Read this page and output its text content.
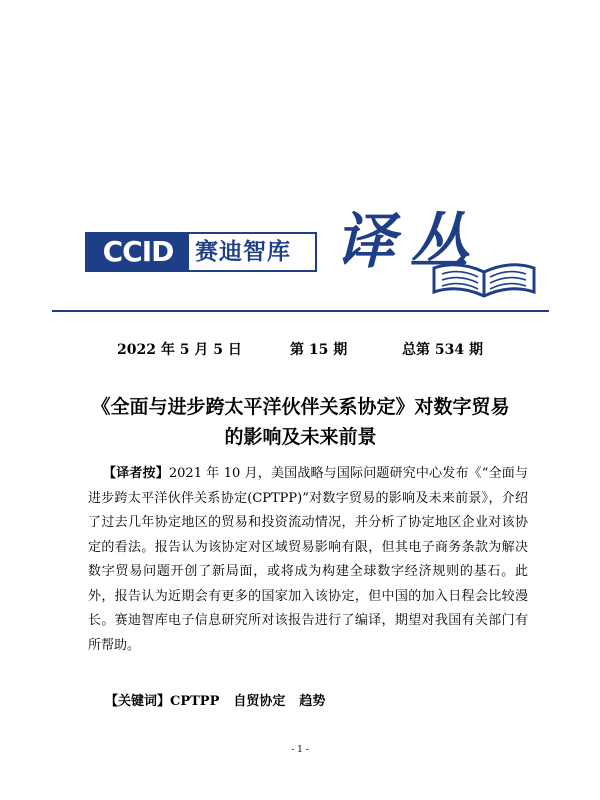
CCID 赛迪智库 译丛
2022 年 5 月 5 日	第 15 期	总第 534 期
《全面与进步跨太平洋伙伴关系协定》对数字贸易
的影响及未来前景
【译者按】2021 年 10 月，美国战略与国际问题研究中心发布《“全面与进步跨太平洋伙伴关系协定(CPTPP)”对数字贸易的影响及未来前景》，介绍了过去几年协定地区的贸易和投资流动情况，并分析了协定地区企业对该协定的看法。报告认为该协定对区域贸易影响有限，但其电子商务条款为解决数字贸易问题开创了新局面，或将成为构建全球数字经济规则的基石。此外，报告认为近期会有更多的国家加入该协定，但中国的加入日程会比较漫长。赛迪智库电子信息研究所对该报告进行了编译，期望对我国有关部门有所帮助。
【关键词】CPTPP 自贸协定 趋势
- 1 -
